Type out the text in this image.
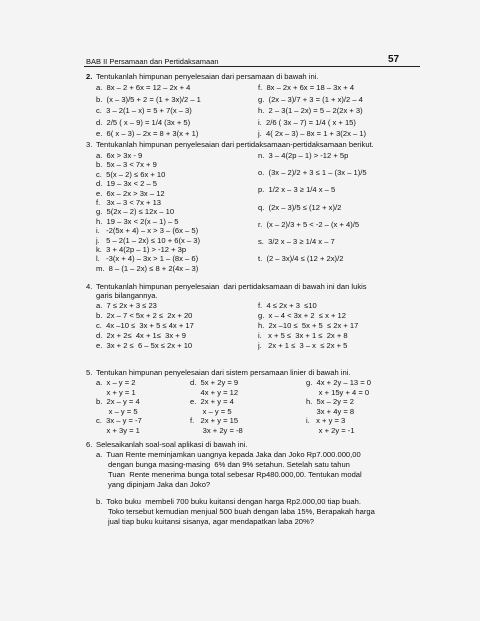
BAB II Persamaan dan Pertidaksamaan	57
2. Tentukanlah himpunan penyelesaian dari persamaan di bawah ini.
a.  8x – 2 + 6x = 12 – 2x + 4
b.  (x – 3)/5 + 2 = (1 + 3x)/2 – 1
c.  3 – 2(1 – x) = 5 + 7(x – 3)
d.  2/5 ( x – 9) = 1/4 (3x + 5)
e.  6( x – 3) – 2x = 8 + 3(x + 1)
f.  8x – 2x + 6x = 18 – 3x + 4
g.  (2x – 3)/7 + 3 = (1 + x)/2 – 4
h.  2 – 3(1 – 2x) = 5 – 2(2x + 3)
i.  2/6 ( 3x – 7) = 1/4 ( x + 15)
j.  4( 2x – 3) – 8x = 1 + 3(2x – 1)
3. Tentukanlah himpunan penyelesaian dari pertidaksamaan-pertidaksamaan berikut.
a.  6x > 3x - 9
b.  5x – 3 < 7x + 9
c.  5(x – 2) ≤ 6x + 10
d.  19 – 3x < 2 – 5
e.  6x – 2x > 3x – 12
f.   3x – 3 < 7x + 13
g.  5(2x – 2) ≤ 12x – 10
h.  19 – 3x < 2(x – 1) – 5
i.   -2(5x + 4) – x > 3 – (6x – 5)
j.   5 – 2(1 – 2x) ≤ 10 + 6(x – 3)
k.  3 + 4(2p – 1) > -12 + 3p
l.   -3(x + 4) – 3x > 1 – (8x – 6)
m.  8 – (1 – 2x) ≤ 8 + 2(4x – 3)
n.  3 – 4(2p – 1) > -12 + 5p
o.  (3x – 2)/2 + 3 ≤ 1 – (3x – 1)/5
p.  1/2 x – 3 ≥ 1/4 x – 5
q.  (2x – 3)/5 ≤ (12 + x)/2
r.  (x – 2)/3 + 5 < -2 – (x + 4)/5
s.  3/2 x – 3 ≥ 1/4 x – 7
t.  (2 – 3x)/4 ≤ (12 + 2x)/2
4. Tentukanlah himpunan penyelesaian  dari pertidaksamaan di bawah ini dan lukis
garis bilangannya.
a.  7 ≤ 2x + 3 ≤ 23
b.  2x – 7 < 5x + 2 ≤  2x + 20
c.  4x –10 ≤  3x + 5 ≤ 4x + 17
d.  2x + 2≤  4x + 1≤  3x + 9
e.  3x + 2 ≤  6 – 5x ≤ 2x + 10
f.  4 ≤ 2x + 3  ≤10
g.  x – 4 < 3x + 2  ≤ x + 12
h.  2x –10 ≤  5x + 5  ≤ 2x + 17
i.   x + 5 ≤  3x + 1 ≤  2x + 8
j.   2x + 1 ≤  3 – x  ≤ 2x + 5
5. Tentukan himpunan penyelesaian dari sistem persamaan linier di bawah ini.
a.  x – y = 2
x + y = 1
b.  2x – y = 4
x – y = 5
c.  3x – y = -7
x + 3y = 1
d.  5x + 2y = 9
4x + y = 12
e.  2x + y = 4
x – y = 5
f.   2x + y = 15
3x + 2y = -8
g.  4x + 2y – 13 = 0
x + 15y + 4 = 0
h.  5x – 2y = 2
3x + 4y = 8
i.   x + y = 3
x + 2y = -1
6. Selesaikanlah soal-soal aplikasi di bawah ini.
a.  Tuan Rente meminjamkan uangnya kepada Jaka dan Joko Rp7.000.000,00
dengan bunga masing-masing  6% dan 9% setahun. Setelah satu tahun
Tuan  Rente menerima bunga total sebesar Rp480.000,00. Tentukan modal
yang dipinjam Jaka dan Joko?
b.  Toko buku  membeli 700 buku kuitansi dengan harga Rp2.000,00 tiap buah.
Toko tersebut kemudian menjual 500 buah dengan laba 15%, Berapakah harga
jual tiap buku kuitansi sisanya, agar mendapatkan laba 20%?
